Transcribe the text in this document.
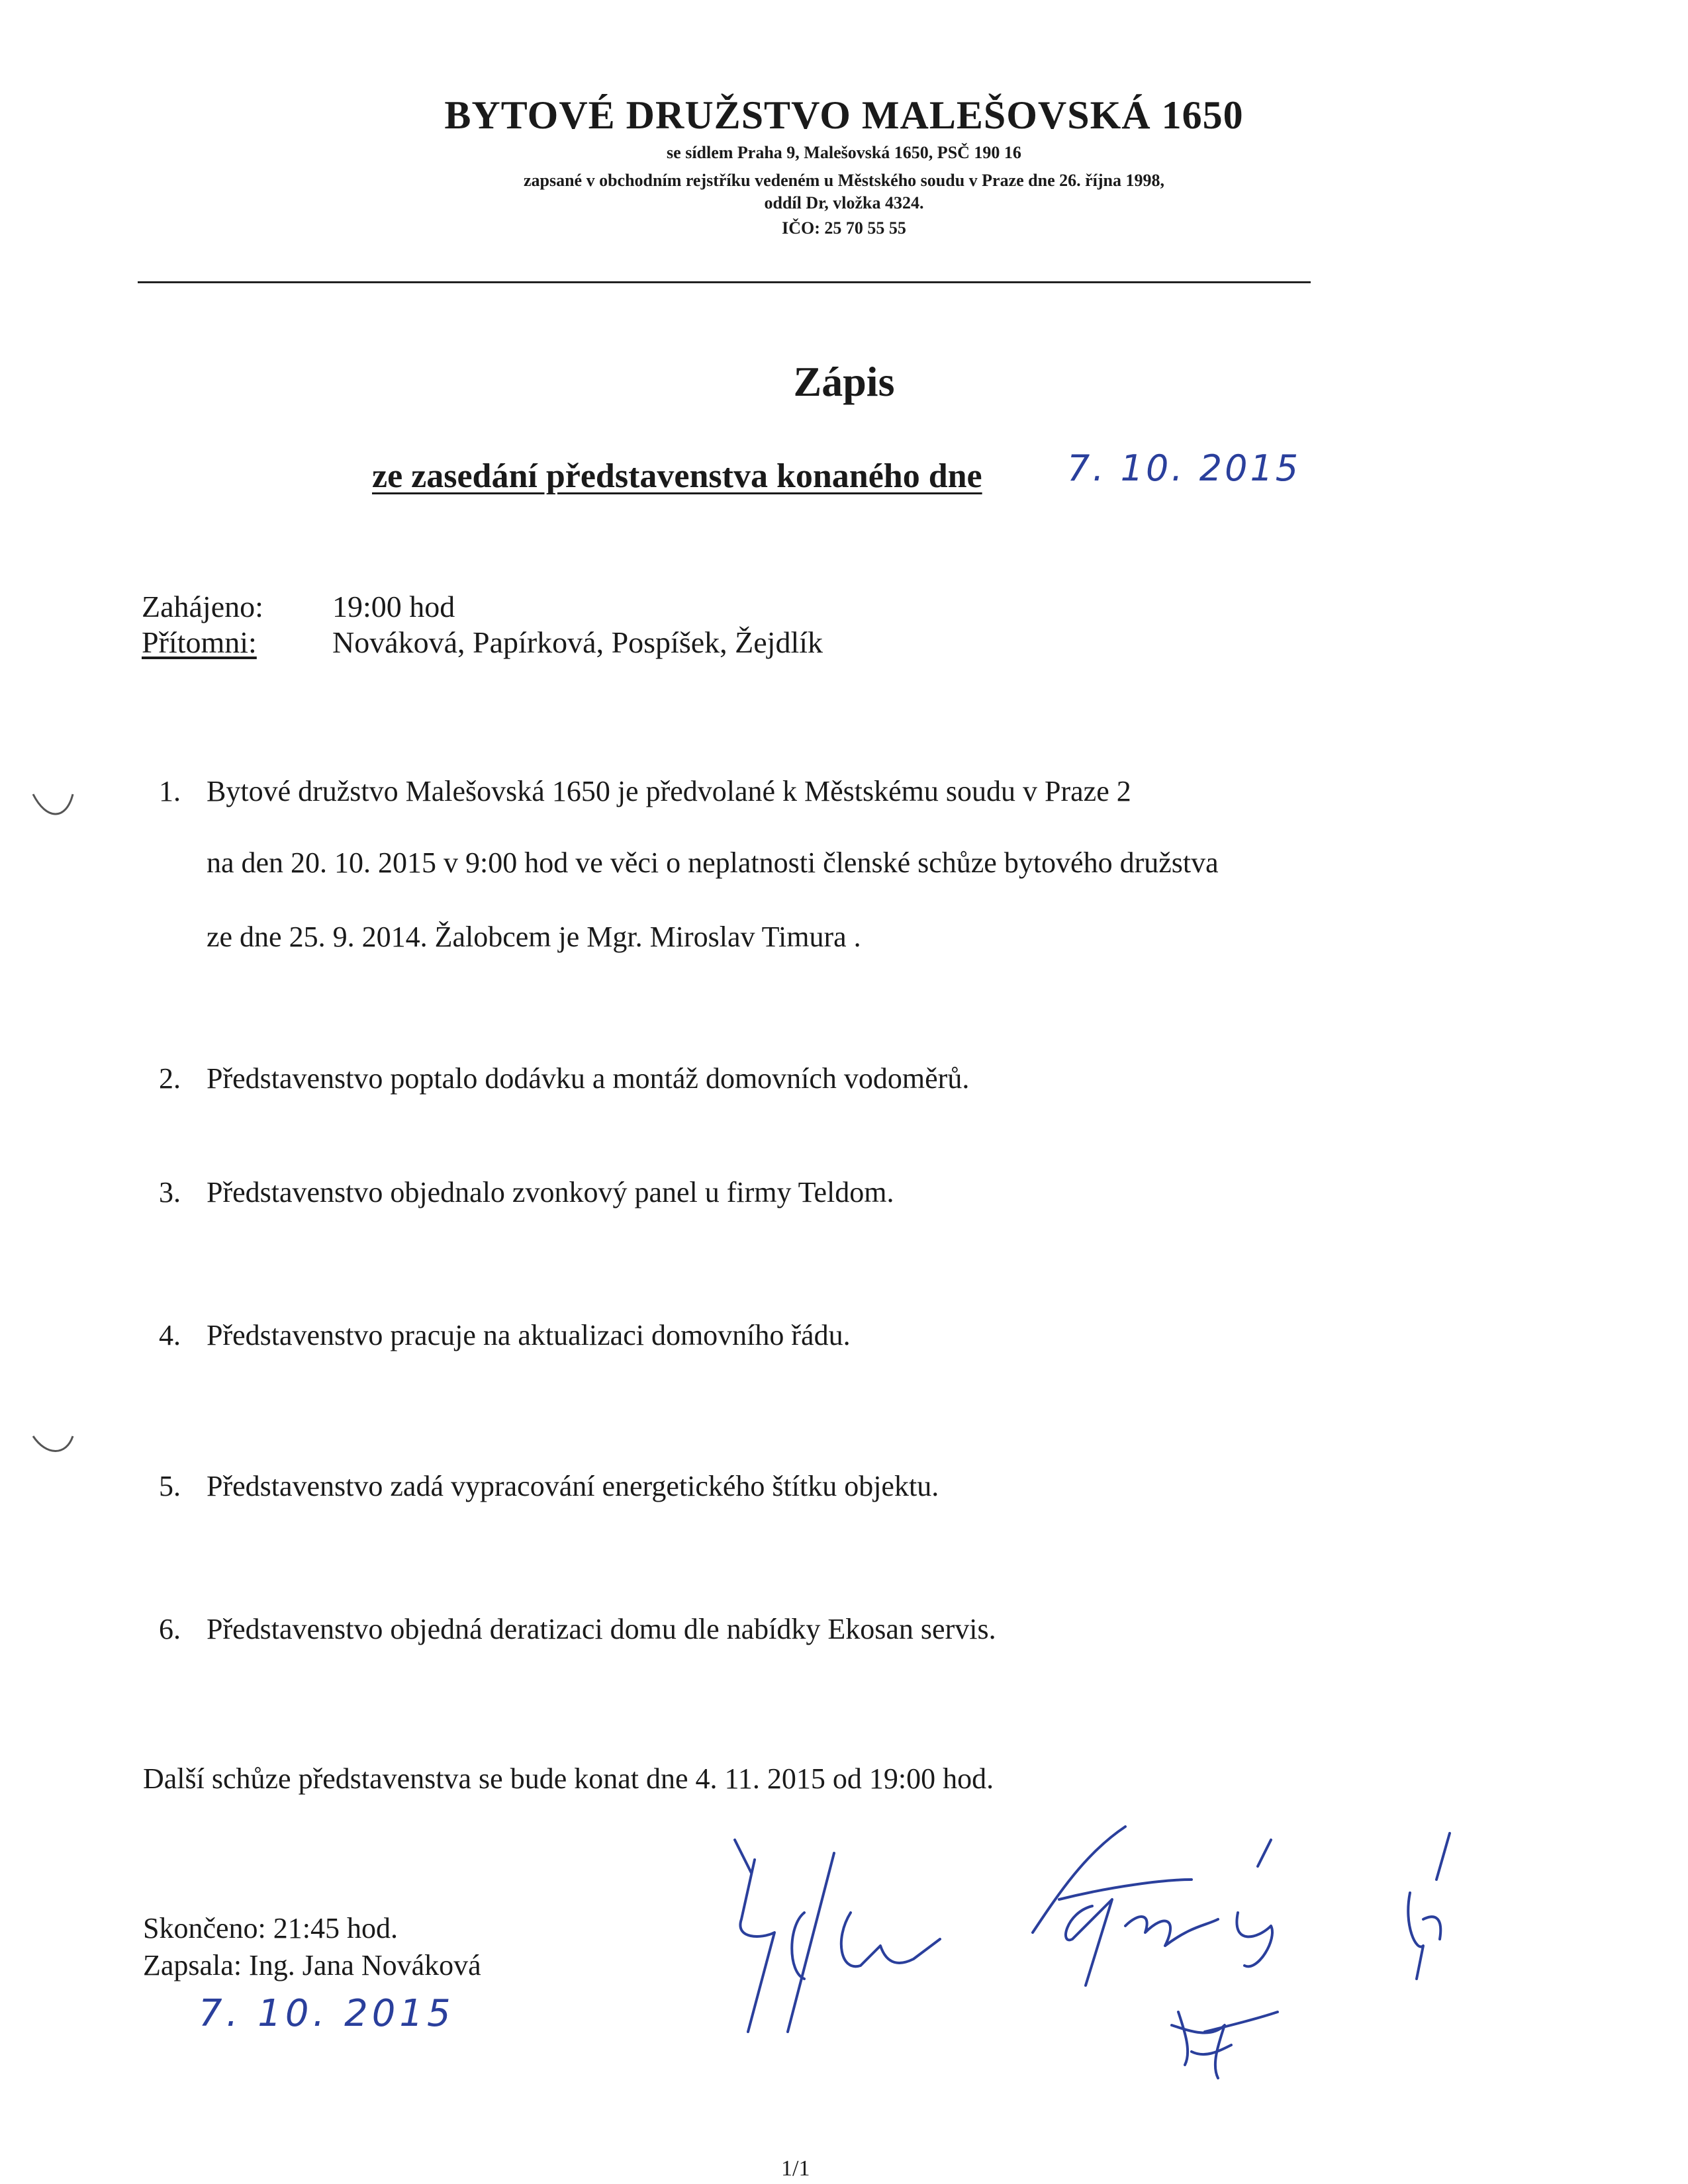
BYTOVÉ DRUŽSTVO MALEŠOVSKÁ 1650
se sídlem Praha 9, Malešovská 1650, PSČ 190 16
zapsané v obchodním rejstříku vedeném u Městského soudu v Praze dne 26. října 1998,
oddíl Dr, vložka 4324.
IČO: 25 70 55 55
Zápis
ze zasedání představenstva konaného dne 7. 10. 2015
Zahájeno: 19:00 hod
Přítomni: Nováková, Papírková, Pospíšek, Žejdlík
1. Bytové družstvo Malešovská 1650 je předvolané k Městskému soudu v Praze 2
na den 20. 10. 2015 v 9:00 hod ve věci o neplatnosti členské schůze bytového družstva
ze dne 25. 9. 2014. Žalobcem je Mgr. Miroslav Timura .
2. Představenstvo poptalo dodávku a montáž domovních vodoměrů.
3. Představenstvo objednalo zvonkový panel u firmy Teldom.
4. Představenstvo pracuje na aktualizaci domovního řádu.
5. Představenstvo zadá vypracování energetického štítku objektu.
6. Představenstvo objedná deratizaci domu dle nabídky Ekosan servis.
Další schůze představenstva se bude konat dne 4. 11. 2015 od 19:00 hod.
Skončeno: 21:45 hod.
Zapsala: Ing. Jana Nováková
7. 10. 2015
1/1
